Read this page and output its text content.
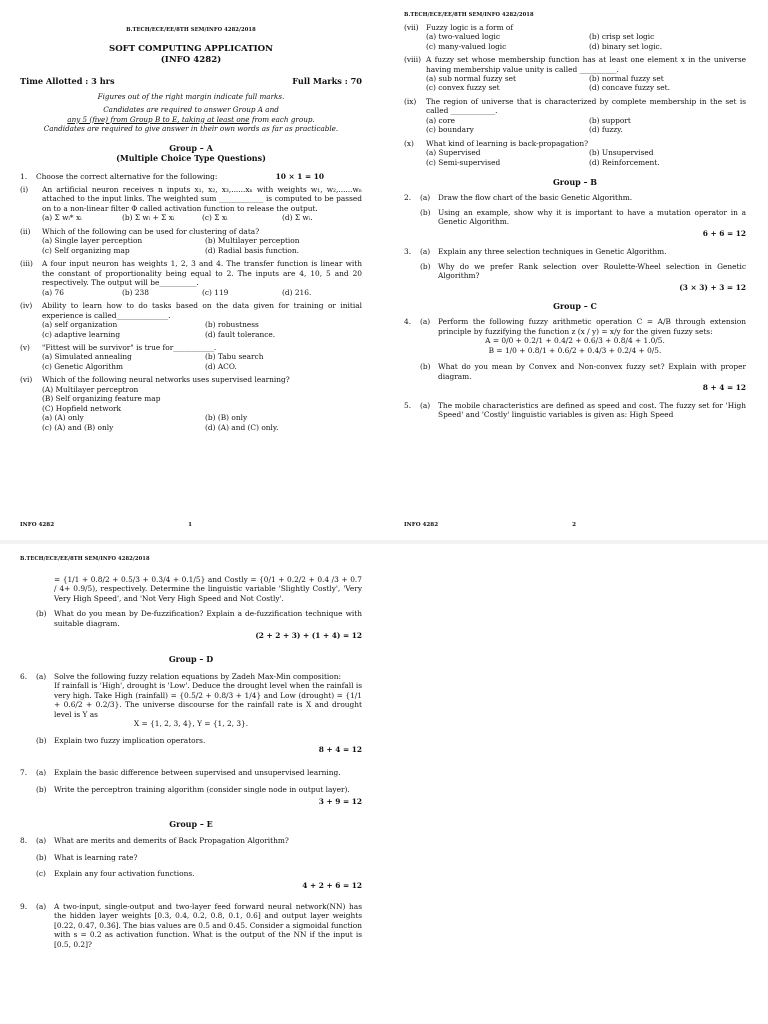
B.TECH/ECE/EE/8TH SEM/INFO 4282/2018
SOFT COMPUTING APPLICATION
(INFO 4282)
Time Allotted : 3 hrs	Full Marks : 70
Figures out of the right margin indicate full marks.
Candidates are required to answer Group A and
any 5 (five) from Group B to E, taking at least one from each group.
Candidates are required to give answer in their own words as far as practicable.
Group – A
(Multiple Choice Type Questions)
1.	Choose the correct alternative for the following:	10 × 1 = 10
(i)	An artificial neuron receives n inputs x₁, x₂, x₃,......xₙ with weights w₁, w₂,......wₙ attached to the input links. The weighted sum ____________ is computed to be passed on to a non-linear filter Φ called activation function to release the output.
(a) Σ wᵢ* xᵢ	(b) Σ wᵢ + Σ xᵢ	(c) Σ xᵢ	(d) Σ wᵢ.
(ii)	Which of the following can be used for clustering of data?
(a) Single layer perception	(b) Multilayer perception
(c) Self organizing map	(d) Radial basis function.
(iii)	A four input neuron has weights 1, 2, 3 and 4. The transfer function is linear with the constant of proportionality being equal to 2. The inputs are 4, 10, 5 and 20 respectively. The output will be__________.
(a) 76	(b) 238	(c) 119	(d) 216.
(iv)	Ability to learn how to do tasks based on the data given for training or initial experience is called______________.
(a) self organization	(b) robustness
(c) adaptive learning	(d) fault tolerance.
(v)	"Fittest will be survivor" is true for___________.
(a) Simulated annealing	(b) Tabu search
(c) Genetic Algorithm	(d) ACO.
(vi)	Which of the following neural networks uses supervised learning?
(A) Multilayer perceptron
(B) Self organizing feature map
(C) Hopfield network
(a) (A) only	(b) (B) only
(c) (A) and (B) only	(d) (A) and (C) only.
INFO 4282	1
B.TECH/ECE/EE/8TH SEM/INFO 4282/2018
(vii) Fuzzy logic is a form of
(a) two-valued logic	(b) crisp set logic
(c) many-valued logic	(d) binary set logic.
(viii) A fuzzy set whose membership function has at least one element x in the universe having membership value unity is called __________.
(a) sub normal fuzzy set	(b) normal fuzzy set
(c) convex fuzzy set	(d) concave fuzzy set.
(ix)	The region of universe that is characterized by complete membership in the set is called ____________.
(a) core	(b) support
(c) boundary	(d) fuzzy.
(x)	What kind of learning is back-propagation?
(a) Supervised	(b) Unsupervised
(c) Semi-supervised	(d) Reinforcement.
Group – B
2.	(a)	Draw the flow chart of the basic Genetic Algorithm.
(b)	Using an example, show why it is important to have a mutation operator in a Genetic Algorithm.
6 + 6 = 12
3.	(a)	Explain any three selection techniques in Genetic Algorithm.
(b)	Why do we prefer Rank selection over Roulette-Wheel selection in Genetic Algorithm?
(3 × 3) + 3 = 12
Group – C
4.	(a)	Perform the following fuzzy arithmetic operation C = A/B through extension principle by fuzzifying the function z (x / y) = x/y for the given fuzzy sets:
A = 0/0 + 0.2/1 + 0.4/2 + 0.6/3 + 0.8/4 + 1.0/5.
B = 1/0 + 0.8/1 + 0.6/2 + 0.4/3 + 0.2/4 + 0/5.
(b)	What do you mean by Convex and Non-convex fuzzy set? Explain with proper diagram.
8 + 4 = 12
5.	(a)	The mobile characteristics are defined as speed and cost. The fuzzy set for 'High Speed' and 'Costly' linguistic variables is given as: High Speed
INFO 4282	2
B.TECH/ECE/EE/8TH SEM/INFO 4282/2018
= {1/1 + 0.8/2 + 0.5/3 + 0.3/4 + 0.1/5} and Costly = {0/1 + 0.2/2 + 0.4 /3 + 0.7 / 4+ 0.9/5), respectively. Determine the linguistic variable 'Slightly Costly', 'Very Very High Speed', and 'Not Very High Speed and Not Costly'.
(b)	What do you mean by De-fuzzification? Explain a de-fuzzification technique with suitable diagram.
(2 + 2 + 3) + (1 + 4) = 12
Group – D
6.	(a)	Solve the following fuzzy relation equations by Zadeh Max-Min composition:
If rainfall is 'High', drought is 'Low'. Deduce the drought level when the rainfall is very high. Take High (rainfall) = {0.5/2 + 0.8/3 + 1/4} and Low (drought) = {1/1 + 0.6/2 + 0.2/3}. The universe discourse for the rainfall rate is X and drought level is Y as
X = {1, 2, 3, 4}, Y = {1, 2, 3}.
(b)	Explain two fuzzy implication operators.
8 + 4 = 12
7.	(a)	Explain the basic difference between supervised and unsupervised learning.
(b)	Write the perceptron training algorithm (consider single node in output layer).
3 + 9 = 12
Group – E
8.	(a)	What are merits and demerits of Back Propagation Algorithm?
(b)	What is learning rate?
(c)	Explain any four activation functions.
4 + 2 + 6 = 12
9.	(a)	A two-input, single-output and two-layer feed forward neural network(NN) has the hidden layer weights [0.3, 0.4, 0.2, 0.8, 0.1, 0.6] and output layer weights [0.22, 0.47, 0.36]. The bias values are 0.5 and 0.45. Consider a sigmoidal function with s = 0.2 as activation function. What is the output of the NN if the input is [0.5, 0.2]?
